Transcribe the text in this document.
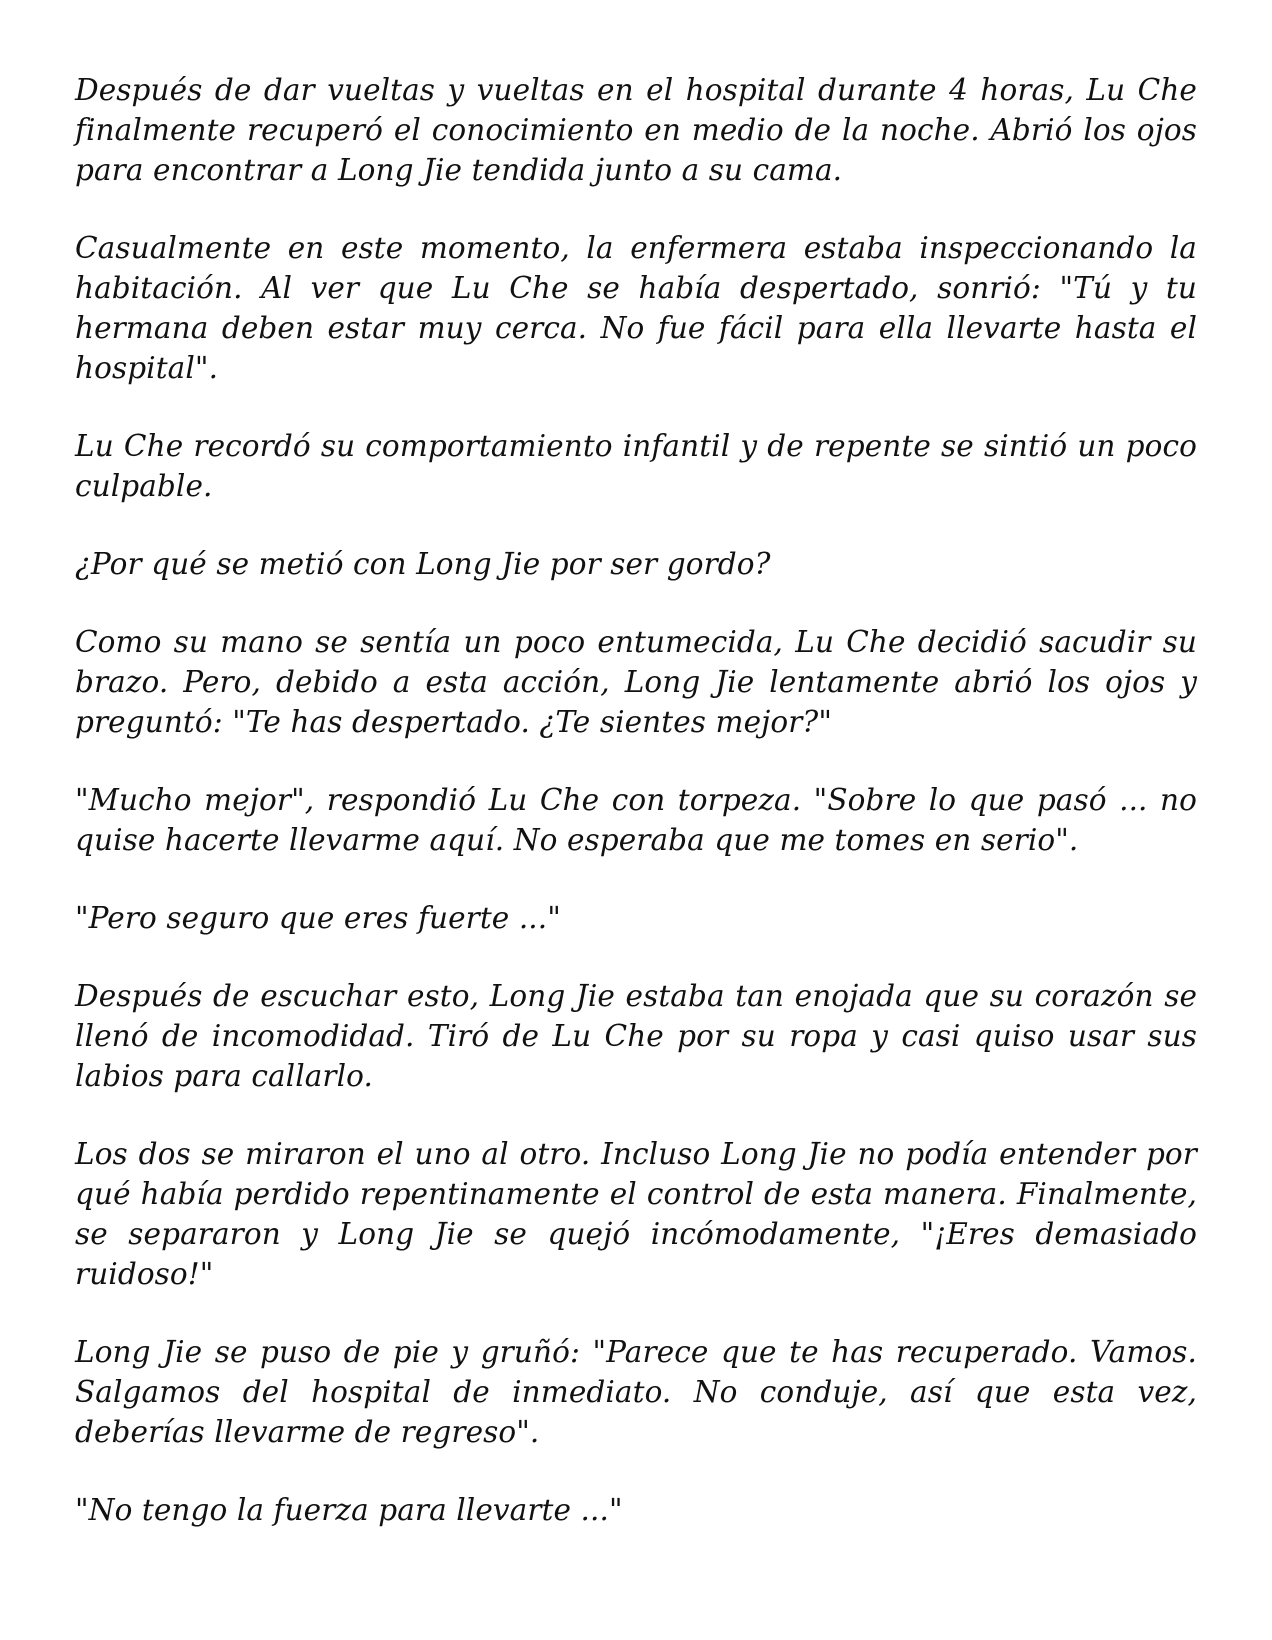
Después de dar vueltas y vueltas en el hospital durante 4 horas, Lu Che finalmente recuperó el conocimiento en medio de la noche. Abrió los ojos para encontrar a Long Jie tendida junto a su cama.

Casualmente en este momento, la enfermera estaba inspeccionando la habitación. Al ver que Lu Che se había despertado, sonrió: "Tú y tu hermana deben estar muy cerca. No fue fácil para ella llevarte hasta el hospital".

Lu Che recordó su comportamiento infantil y de repente se sintió un poco culpable.

¿Por qué se metió con Long Jie por ser gordo?

Como su mano se sentía un poco entumecida, Lu Che decidió sacudir su brazo. Pero, debido a esta acción, Long Jie lentamente abrió los ojos y preguntó: "Te has despertado. ¿Te sientes mejor?"

"Mucho mejor", respondió Lu Che con torpeza. "Sobre lo que pasó ... no quise hacerte llevarme aquí. No esperaba que me tomes en serio".

"Pero seguro que eres fuerte ..."

Después de escuchar esto, Long Jie estaba tan enojada que su corazón se llenó de incomodidad. Tiró de Lu Che por su ropa y casi quiso usar sus labios para callarlo.

Los dos se miraron el uno al otro. Incluso Long Jie no podía entender por qué había perdido repentinamente el control de esta manera. Finalmente, se separaron y Long Jie se quejó incómodamente, "¡Eres demasiado ruidoso!"

Long Jie se puso de pie y gruñó: "Parece que te has recuperado. Vamos. Salgamos del hospital de inmediato. No conduje, así que esta vez, deberías llevarme de regreso".

"No tengo la fuerza para llevarte ..."
